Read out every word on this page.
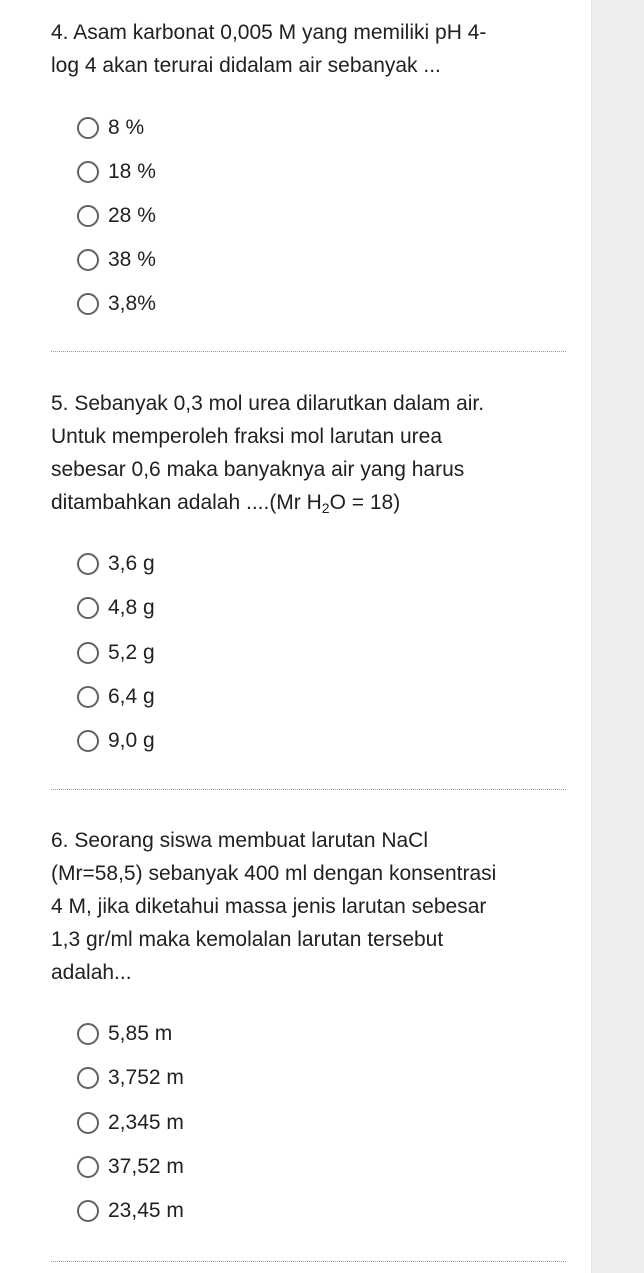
4. Asam karbonat 0,005 M yang memiliki pH 4-
log 4 akan terurai didalam air sebanyak ...
8 %
18 %
28 %
38 %
3,8%
5. Sebanyak 0,3 mol urea dilarutkan dalam air.
Untuk memperoleh fraksi mol larutan urea
sebesar 0,6 maka banyaknya air yang harus
ditambahkan adalah ....(Mr $H_2O = 18$)
3,6 g
4,8 g
5,2 g
6,4 g
9,0 g
6. Seorang siswa membuat larutan NaCl
(Mr=58,5) sebanyak 400 ml dengan konsentrasi
4 M, jika diketahui massa jenis larutan sebesar
1,3 gr/ml maka kemolalan larutan tersebut
adalah...
5,85 m
3,752 m
2,345 m
37,52 m
23,45 m
